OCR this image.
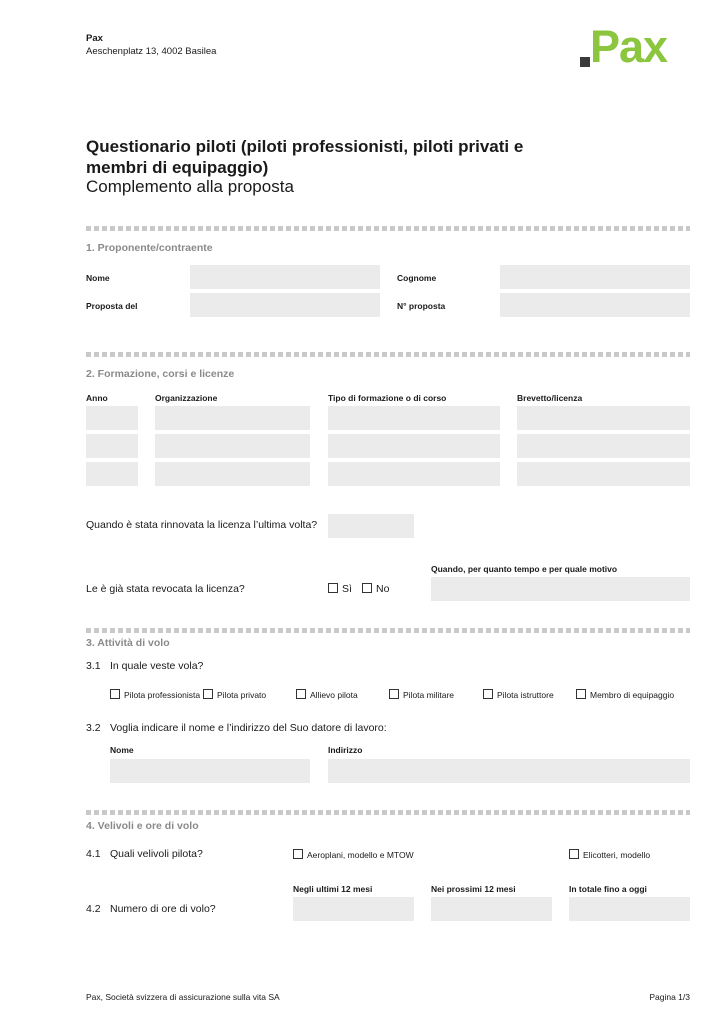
Pax
Aeschenplatz 13, 4002 Basilea	Pax
Questionario piloti (piloti professionisti, piloti privati e membri di equipaggio)
Complemento alla proposta
1. Proponente/contraente
Nome	Cognome
Proposta del	N° proposta
2. Formazione, corsi e licenze
Anno	Organizzazione	Tipo di formazione o di corso	Brevetto/licenza
Quando è stata rinnovata la licenza l’ultima volta?
Quando, per quanto tempo e per quale motivo
Le è già stata revocata la licenza?	Sì No
3. Attività di volo
3.1 In quale veste vola?
Pilota professionista Pilota privato	Allievo pilota	Pilota militare	Pilota istruttore	Membro di equipaggio
3.2 Voglia indicare il nome e l’indirizzo del Suo datore di lavoro:
Nome	Indirizzo
4. Velivoli e ore di volo
4.1 Quali velivoli pilota?	Aeroplani, modello e MTOW	Elicotteri, modello
Negli ultimi 12 mesi	Nei prossimi 12 mesi	In totale fino a oggi
4.2 Numero di ore di volo?
Pax, Società svizzera di assicurazione sulla vita SA	Pagina 1/3
